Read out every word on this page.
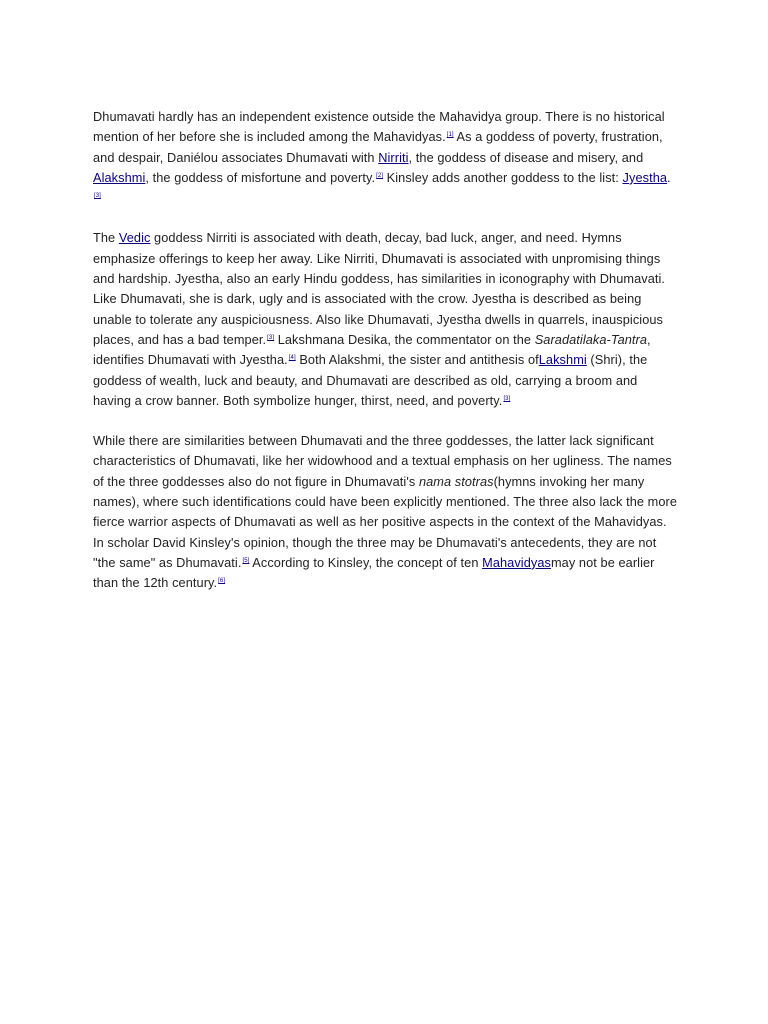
Dhumavati hardly has an independent existence outside the Mahavidya group. There is no historical mention of her before she is included among the Mahavidyas.[1] As a goddess of poverty, frustration, and despair, Daniélou associates Dhumavati with Nirriti, the goddess of disease and misery, and Alakshmi, the goddess of misfortune and poverty.[2] Kinsley adds another goddess to the list: Jyestha.[3]

The Vedic goddess Nirriti is associated with death, decay, bad luck, anger, and need. Hymns emphasize offerings to keep her away. Like Nirriti, Dhumavati is associated with unpromising things and hardship. Jyestha, also an early Hindu goddess, has similarities in iconography with Dhumavati. Like Dhumavati, she is dark, ugly and is associated with the crow. Jyestha is described as being unable to tolerate any auspiciousness. Also like Dhumavati, Jyestha dwells in quarrels, inauspicious places, and has a bad temper.[3] Lakshmana Desika, the commentator on the Saradatilaka-Tantra, identifies Dhumavati with Jyestha.[4] Both Alakshmi, the sister and antithesis ofLakshmi (Shri), the goddess of wealth, luck and beauty, and Dhumavati are described as old, carrying a broom and having a crow banner. Both symbolize hunger, thirst, need, and poverty.[3]

While there are similarities between Dhumavati and the three goddesses, the latter lack significant characteristics of Dhumavati, like her widowhood and a textual emphasis on her ugliness. The names of the three goddesses also do not figure in Dhumavati's nama stotras(hymns invoking her many names), where such identifications could have been explicitly mentioned. The three also lack the more fierce warrior aspects of Dhumavati as well as her positive aspects in the context of the Mahavidyas. In scholar David Kinsley's opinion, though the three may be Dhumavati's antecedents, they are not "the same" as Dhumavati.[5] According to Kinsley, the concept of ten Mahavidyasmay not be earlier than the 12th century.[6]
